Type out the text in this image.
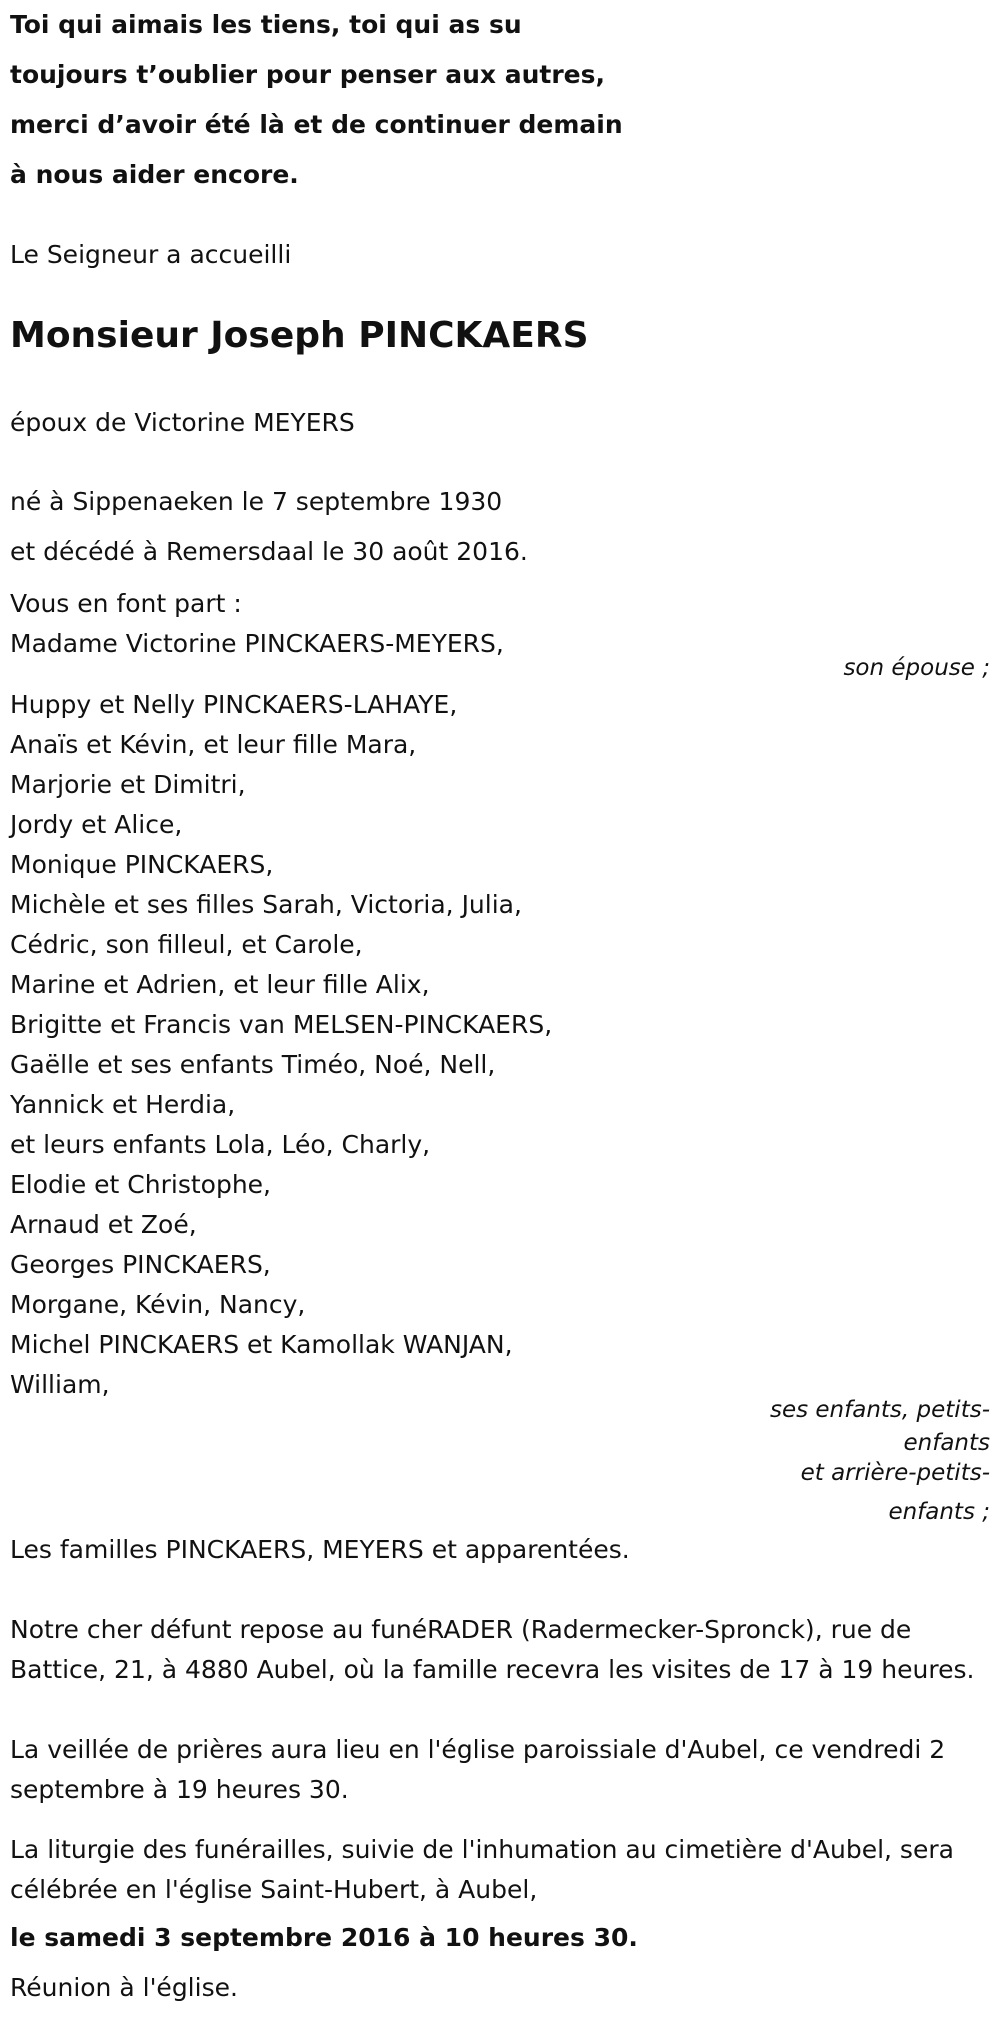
Toi qui aimais les tiens, toi qui as su
toujours t’oublier pour penser aux autres,
merci d’avoir été là et de continuer demain
à nous aider encore.
Le Seigneur a accueilli
Monsieur Joseph PINCKAERS
époux de Victorine MEYERS
né à Sippenaeken le 7 septembre 1930
et décédé à Remersdaal le 30 août 2016.
Vous en font part :
Madame Victorine PINCKAERS-MEYERS,
son épouse ;
Huppy et Nelly PINCKAERS-LAHAYE,
Anaïs et Kévin, et leur fille Mara,
Marjorie et Dimitri,
Jordy et Alice,
Monique PINCKAERS,
Michèle et ses filles Sarah, Victoria, Julia,
Cédric, son filleul, et Carole,
Marine et Adrien, et leur fille Alix,
Brigitte et Francis van MELSEN-PINCKAERS,
Gaëlle et ses enfants Timéo, Noé, Nell,
Yannick et Herdia,
et leurs enfants Lola, Léo, Charly,
Elodie et Christophe,
Arnaud et Zoé,
Georges PINCKAERS,
Morgane, Kévin, Nancy,
Michel PINCKAERS et Kamollak WANJAN,
William,
ses enfants, petits-
enfants
et arrière-petits-
enfants ;
Les familles PINCKAERS, MEYERS et apparentées.
Notre cher défunt repose au funéRADER (Radermecker-Spronck), rue de Battice, 21, à 4880 Aubel, où la famille recevra les visites de 17 à 19 heures.
La veillée de prières aura lieu en l'église paroissiale d'Aubel, ce vendredi 2 septembre à 19 heures 30.
La liturgie des funérailles, suivie de l'inhumation au cimetière d'Aubel, sera célébrée en l'église Saint-Hubert, à Aubel,
le samedi 3 septembre 2016 à 10 heures 30.
Réunion à l'église.
